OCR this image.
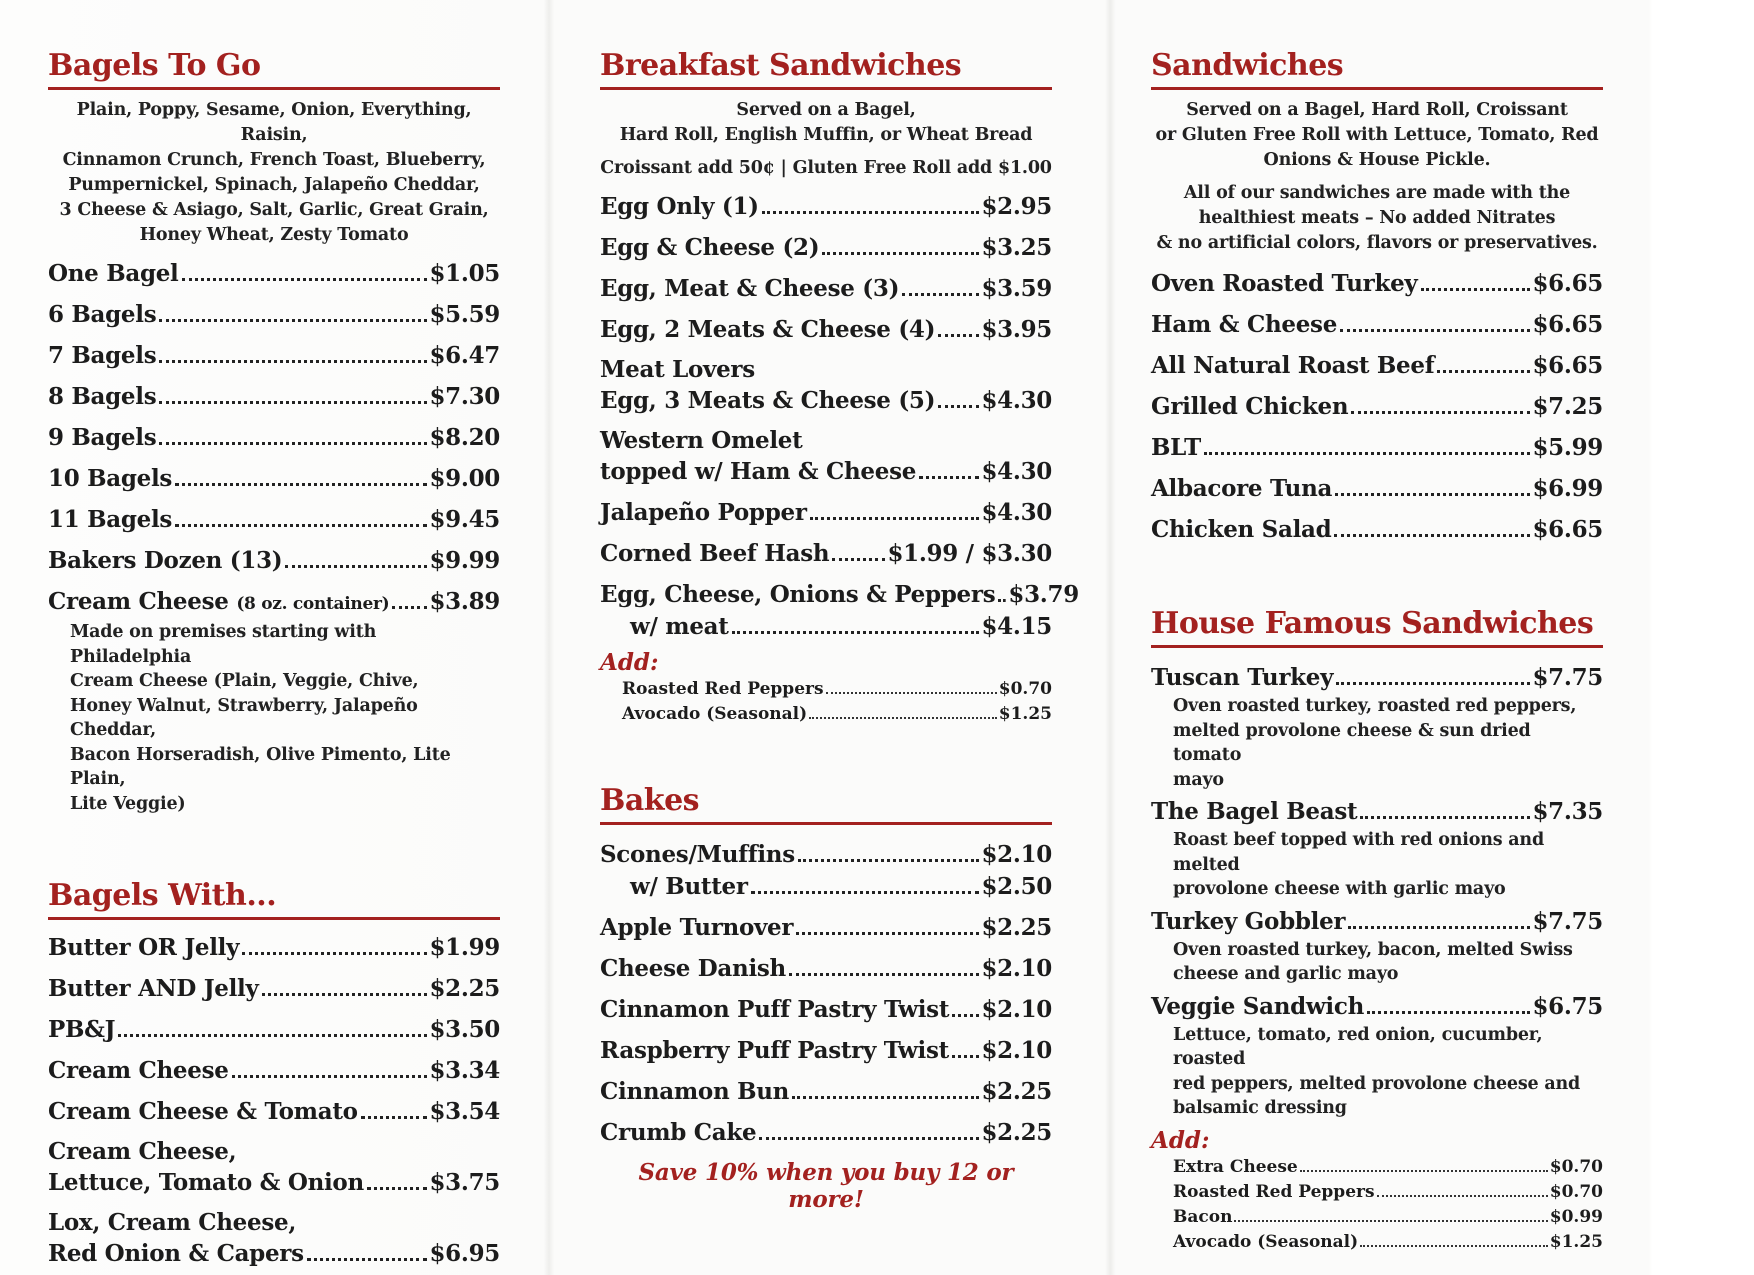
Bagels To Go
Plain, Poppy, Sesame, Onion, Everything, Raisin,
Cinnamon Crunch, French Toast, Blueberry,
Pumpernickel, Spinach, Jalapeño Cheddar,
3 Cheese & Asiago, Salt, Garlic, Great Grain,
Honey Wheat, Zesty Tomato
One Bagel	$1.05
6 Bagels	$5.59
7 Bagels	$6.47
8 Bagels	$7.30
9 Bagels	$8.20
10 Bagels	$9.00
11 Bagels	$9.45
Bakers Dozen (13)	$9.99
Cream Cheese (8 oz. container) $3.89
Made on premises starting with Philadelphia
Cream Cheese (Plain, Veggie, Chive,
Honey Walnut, Strawberry, Jalapeño Cheddar,
Bacon Horseradish, Olive Pimento, Lite Plain,
Lite Veggie)
Bagels With...
Butter OR Jelly	$1.99
Butter AND Jelly	$2.25
PB&J	$3.50
Cream Cheese	$3.34
Cream Cheese & Tomato	$3.54
Cream Cheese,
Lettuce, Tomato & Onion	$3.75
Lox, Cream Cheese,
Red Onion & Capers	$6.95
Breakfast Sandwiches
Served on a Bagel,
Hard Roll, English Muffin, or Wheat Bread
Croissant add 50¢ | Gluten Free Roll add $1.00
Egg Only (1)	$2.95
Egg & Cheese (2)	$3.25
Egg, Meat & Cheese (3)	$3.59
Egg, 2 Meats & Cheese (4) $3.95
Meat Lovers
Egg, 3 Meats & Cheese (5) $4.30
Western Omelet
topped w/ Ham & Cheese	$4.30
Jalapeño Popper	$4.30
Corned Beef Hash	$1.99 / $3.30
Egg, Cheese, Onions & Peppers $3.79
w/ meat	$4.15
Add:
Roasted Red Peppers	$0.70
Avocado (Seasonal)	$1.25
Bakes
Scones/Muffins	$2.10
w/ Butter	$2.50
Apple Turnover	$2.25
Cheese Danish	$2.10
Cinnamon Puff Pastry Twist $2.10
Raspberry Puff Pastry Twist $2.10
Cinnamon Bun	$2.25
Crumb Cake	$2.25
Save 10% when you buy 12 or more!
Sandwiches
Served on a Bagel, Hard Roll, Croissant
or Gluten Free Roll with Lettuce, Tomato, Red
Onions & House Pickle.
All of our sandwiches are made with the
healthiest meats – No added Nitrates
& no artificial colors, flavors or preservatives.
Oven Roasted Turkey	$6.65
Ham & Cheese	$6.65
All Natural Roast Beef	$6.65
Grilled Chicken	$7.25
BLT	$5.99
Albacore Tuna	$6.99
Chicken Salad	$6.65
House Famous Sandwiches
Tuscan Turkey	$7.75
Oven roasted turkey, roasted red peppers,
melted provolone cheese & sun dried tomato
mayo
The Bagel Beast	$7.35
Roast beef topped with red onions and melted
provolone cheese with garlic mayo
Turkey Gobbler	$7.75
Oven roasted turkey, bacon, melted Swiss
cheese and garlic mayo
Veggie Sandwich	$6.75
Lettuce, tomato, red onion, cucumber, roasted
red peppers, melted provolone cheese and
balsamic dressing
Add:
Extra Cheese	$0.70
Roasted Red Peppers	$0.70
Bacon	$0.99
Avocado (Seasonal)	$1.25
